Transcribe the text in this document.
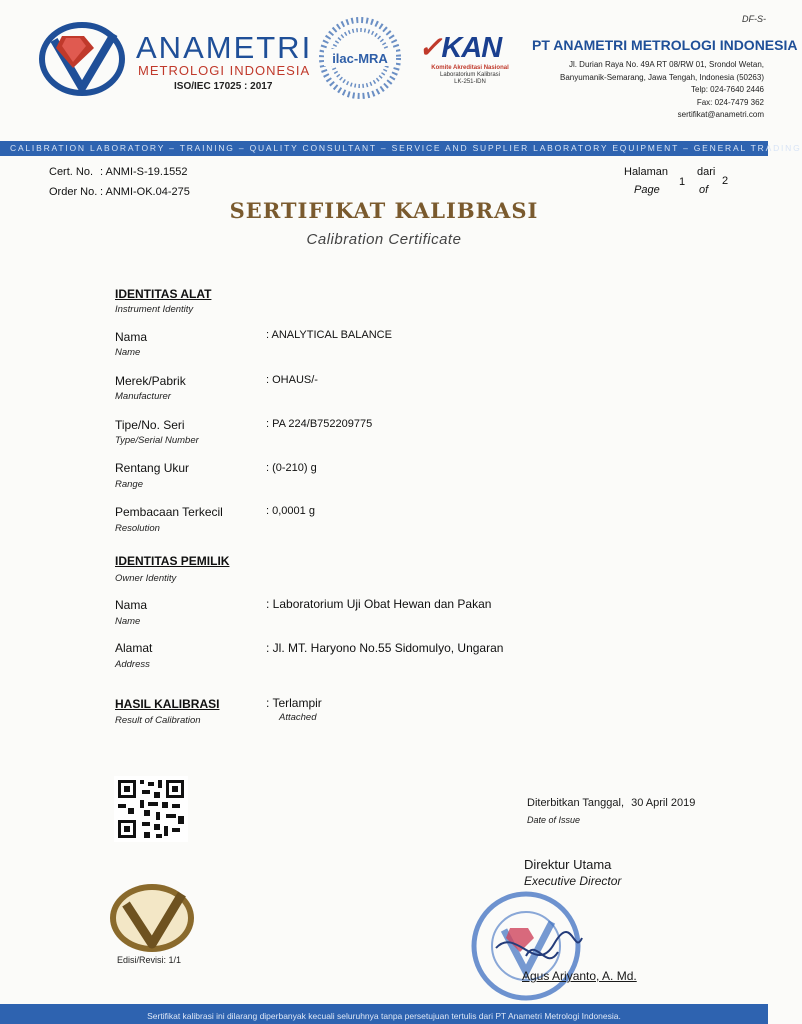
ANAMETRI
METROLOGI INDONESIA
ISO/IEC 17025 : 2017
ilac-MRA ✓KAN
Komite Akreditasi Nasional
Laboratorium Kalibrasi
LK-251-IDN
DF-S-
PT ANAMETRI METROLOGI INDONESIA
Jl. Durian Raya No. 49A RT 08/RW 01, Srondol Wetan,
Banyumanik-Semarang, Jawa Tengah, Indonesia (50263)
Telp: 024-7640 2446
Fax: 024-7479 362
sertifikat@anametri.com
CALIBRATION LABORATORY – TRAINING – QUALITY CONSULTANT – SERVICE AND SUPPLIER LABORATORY EQUIPMENT – GENERAL TRADING
Cert. No. : ANMI-S-19.1552
Order No. : ANMI-OK.04-275
Halaman
Page
1
dari
of
2
SERTIFIKAT KALIBRASI
Calibration Certificate
IDENTITAS ALAT
Instrument Identity
Nama
Name
: ANALYTICAL BALANCE
Merek/Pabrik
Manufacturer
: OHAUS/-
Tipe/No. Seri
Type/Serial Number
: PA 224/B752209775
Rentang Ukur
Range
: (0-210) g
Pembacaan Terkecil
Resolution
: 0,0001 g
IDENTITAS PEMILIK
Owner Identity
Nama
Name
: Laboratorium Uji Obat Hewan dan Pakan
Alamat
Address
: Jl. MT. Haryono No.55 Sidomulyo, Ungaran
HASIL KALIBRASI
Result of Calibration
: Terlampir
Attached
Edisi/Revisi: 1/1
Diterbitkan Tanggal, 30 April 2019
Date of Issue
Direktur Utama
Executive Director
Agus Ariyanto, A. Md.
Sertifikat kalibrasi ini dilarang diperbanyak kecuali seluruhnya tanpa persetujuan tertulis dari PT Anametri Metrologi Indonesia.
